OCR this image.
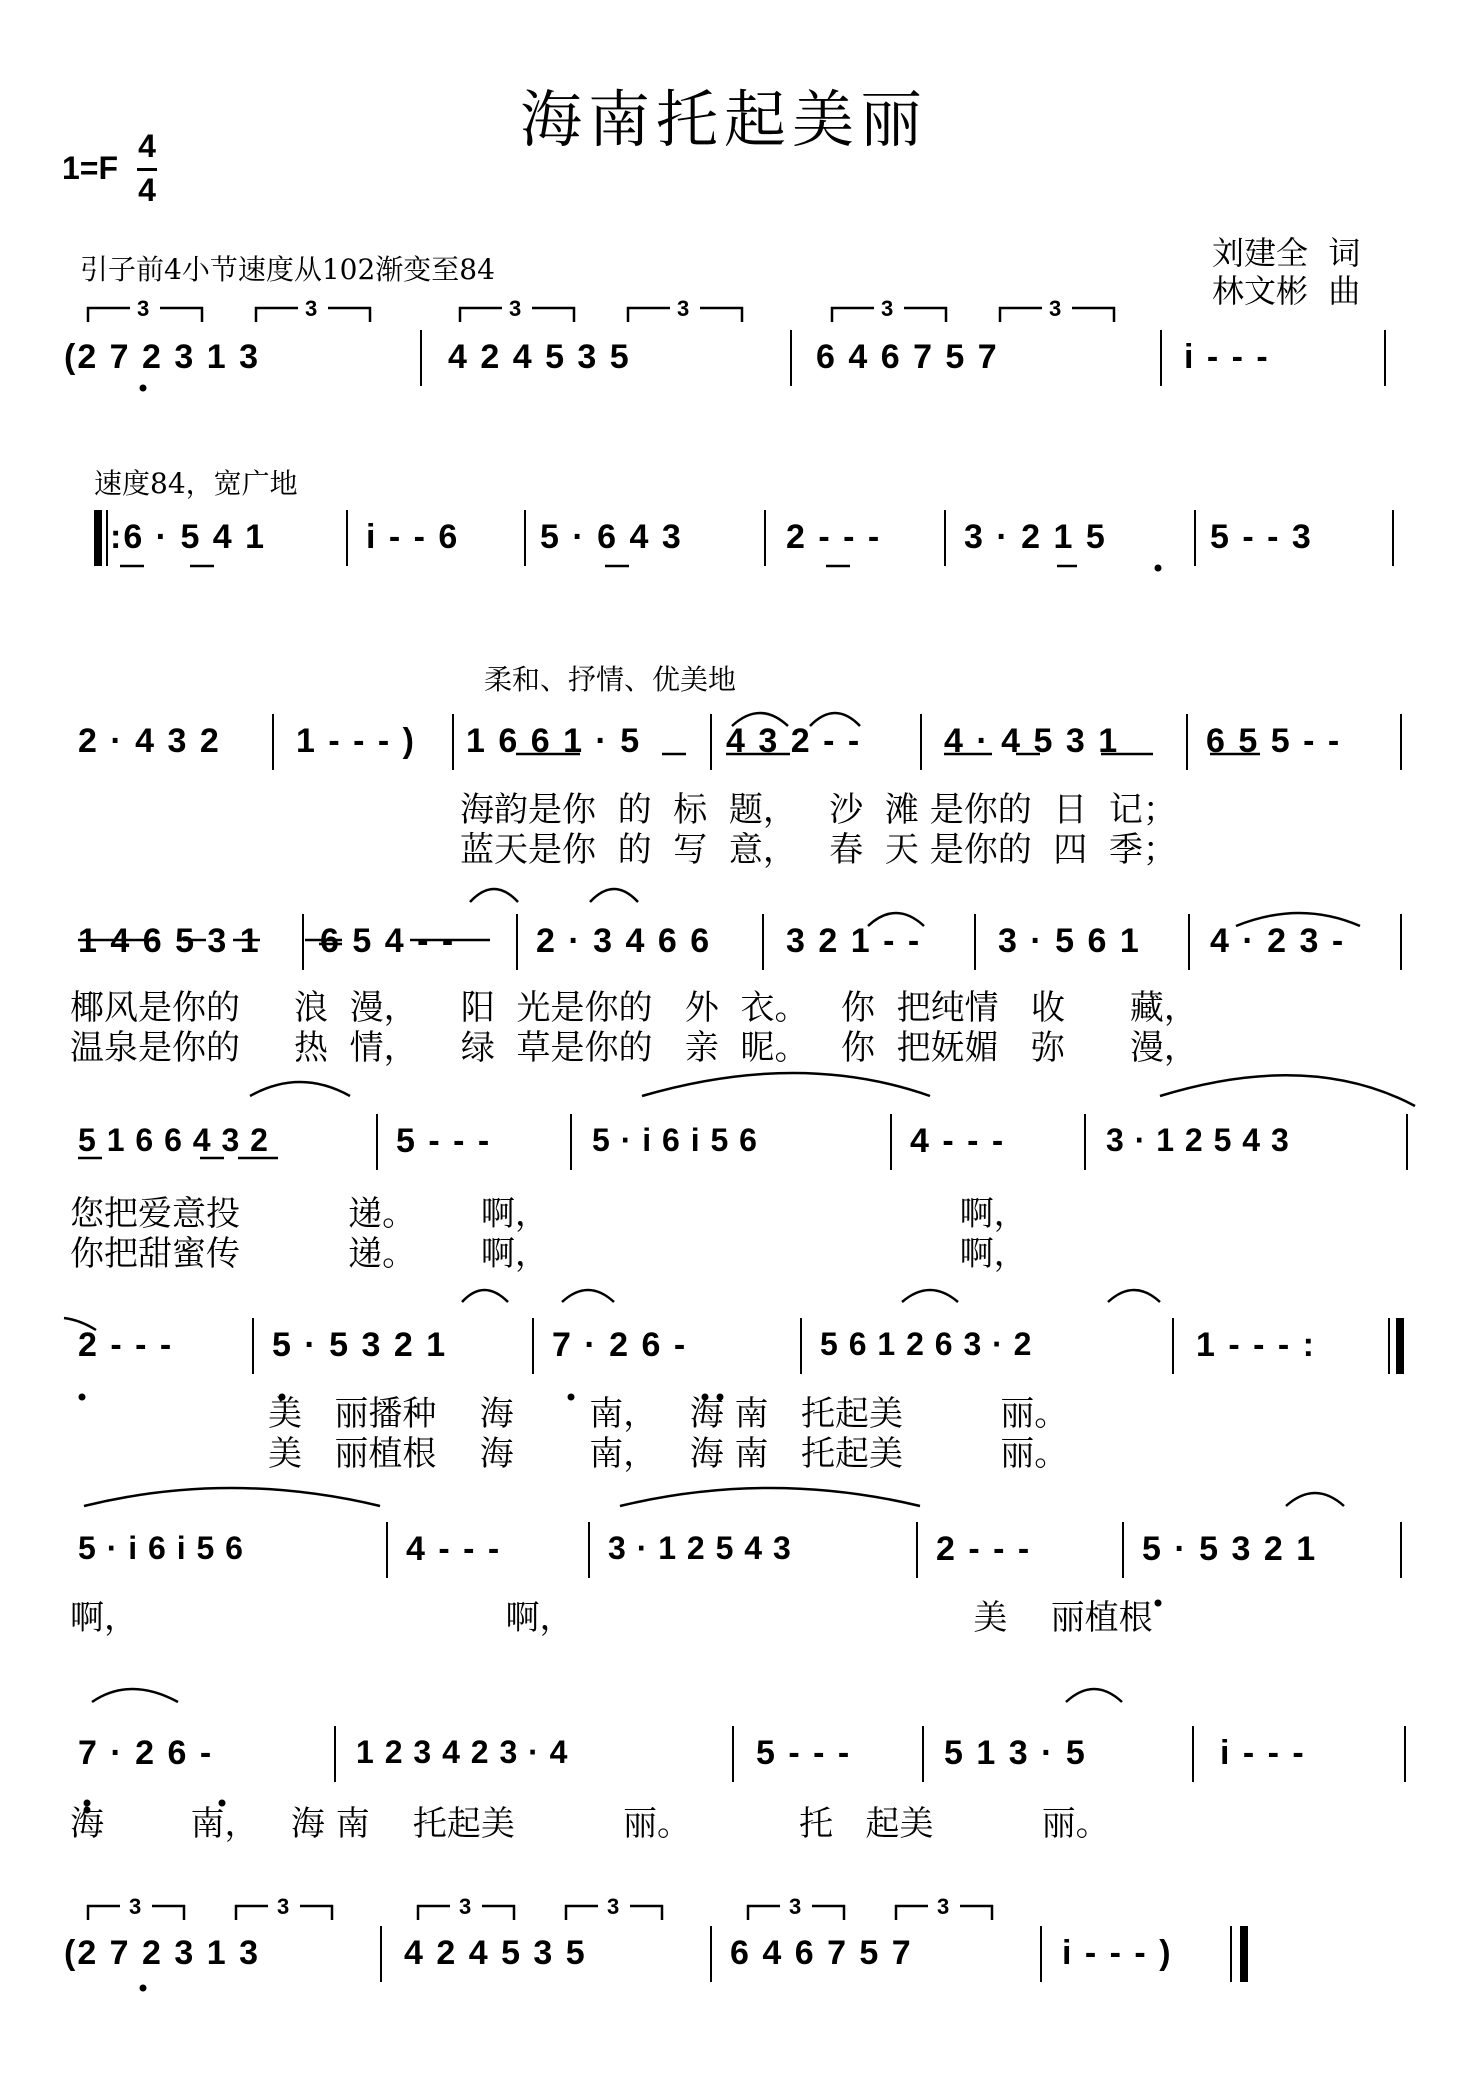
海南托起美丽
1=F
4
4
刘建全  词
林文彬  曲
引子前4小节速度从102渐变至84
3	3	3	3	3	3
3	3	3	3	3	3
(2 7 2 3 1 3	4 2 4 5 3 5	6 4 6 7 5 7	i - - -
速度84，宽广地
:6 · 5 4 1	i - - 6 5 · 6 4 3	2 - - - 3 · 2 1 5	5 - - 3
柔和、抒情、优美地
2 · 4 3 2 1 - - - ) 1 6 6 1 · 5 4 3 2 - - 4 · 4 5 3 1	6 5 5 - -
海韵是你  的  标  题，   沙  滩 是你的  日  记；
蓝天是你  的  写  意，   春  天 是你的  四  季；
1 4 6 5 3 1 6 5 4 - - 2 · 3 4 6 6 3 2 1 - - 3 · 5 6 1 4 · 2 3 -
椰风是你的     浪  漫，    阳  光是你的   外  衣。   你  把纯情   收      藏，
温泉是你的     热  情，    绿  草是你的   亲  昵。   你  把妩媚   弥      漫，
5 1 6 6 4 3 2	5 - - -	5 · i 6 i 5 6	4 - - -	3 · 1 2 5 4 3
您把爱意投          递。      啊，                                      啊，
你把甜蜜传          递。      啊，                                      啊，
2 - - -	5 · 5 3 2 1	7 · 2 6 -	5 6 1 2 6 3 · 2	1 - - - :
美   丽播种    海       南，   海 南   托起美         丽。
美   丽植根    海       南，   海 南   托起美         丽。
5 · i 6 i 5 6	4 - - -	3 · 1 2 5 4 3	2 - - -	5 · 5 3 2 1
啊，                                  啊，                                     美    丽植根
7 · 2 6 -	1 2 3 4 2 3 · 4	5 - - -	5 1 3 · 5	i - - -
海        南，   海 南    托起美          丽。          托   起美          丽。
(2 7 2 3 1 3	4 2 4 5 3 5	6 4 6 7 5 7	i - - - )
